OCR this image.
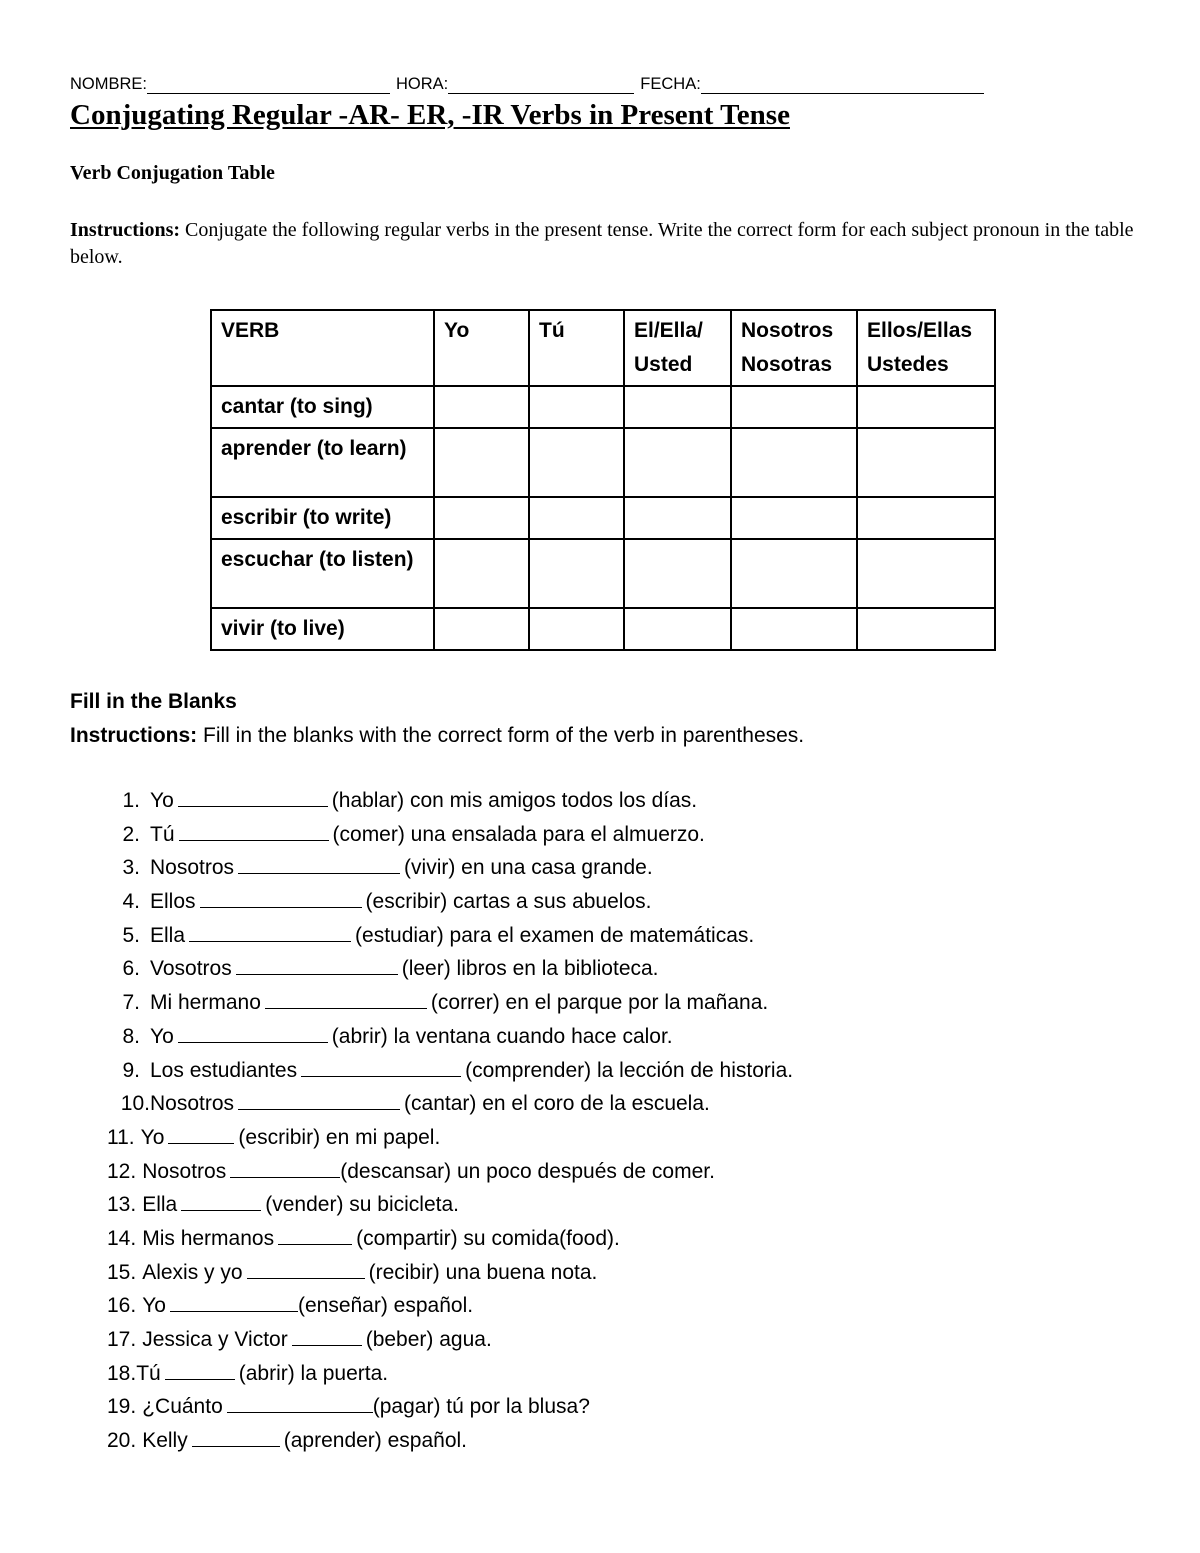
NOMBRE:	HORA:	FECHA:
Conjugating Regular -AR- ER, -IR Verbs in Present Tense
Verb Conjugation Table
Instructions: Conjugate the following regular verbs in the present tense. Write the correct form for each subject pronoun in the table below.
VERB	Yo	Tú	El/Ella/ Usted	Nosotros Nosotras	Ellos/Ellas Ustedes
cantar (to sing)					
aprender (to learn)					
escribir (to write)					
escuchar (to listen)					
vivir (to live)					
Fill in the Blanks
Instructions: Fill in the blanks with the correct form of the verb in parentheses.
1. Yo	(hablar) con mis amigos todos los días.
2. Tú	(comer) una ensalada para el almuerzo.
3. Nosotros	(vivir) en una casa grande.
4. Ellos	(escribir) cartas a sus abuelos.
5. Ella	(estudiar) para el examen de matemáticas.
6. Vosotros	(leer) libros en la biblioteca.
7. Mi hermano	(correr) en el parque por la mañana.
8. Yo	(abrir) la ventana cuando hace calor.
9. Los estudiantes	(comprender) la lección de historia.
10.Nosotros	(cantar) en el coro de la escuela.
11. Yo	(escribir) en mi papel.
12. Nosotros	(descansar) un poco después de comer.
13. Ella	(vender) su bicicleta.
14. Mis hermanos	(compartir) su comida(food).
15. Alexis y yo	(recibir) una buena nota.
16. Yo	(enseñar) español.
17. Jessica y Victor	(beber) agua.
18.Tú	(abrir) la puerta.
19. ¿Cuánto	(pagar) tú por la blusa?
20. Kelly	(aprender) español.
